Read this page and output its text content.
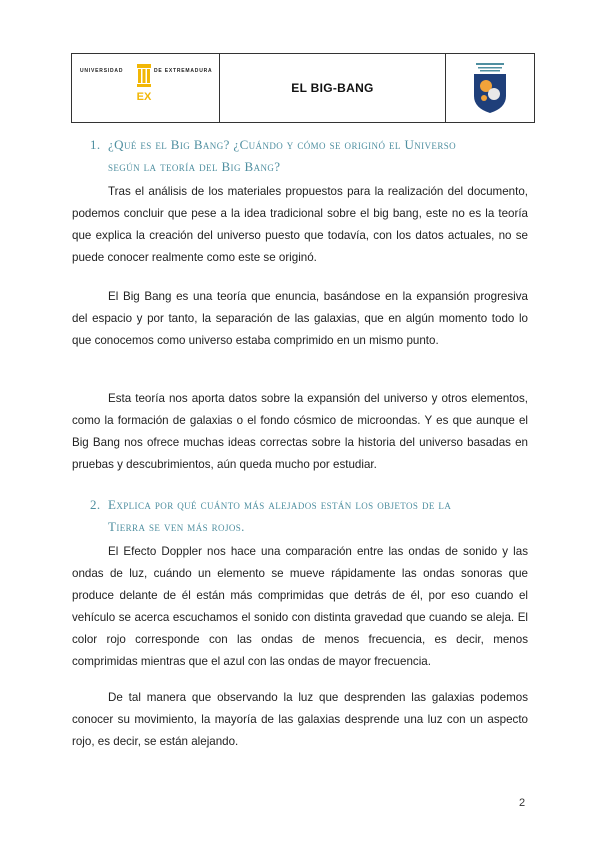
UNIVERSIDAD
EX
DE EXTREMADURA
EL BIG-BANG
1. ¿Qué es el Big Bang? ¿Cuándo y cómo se originó el Universo
según la teoría del Big Bang?

Tras el análisis de los materiales propuestos para la realización del documento, podemos concluir que pese a la idea tradicional sobre el big bang, este no es la teoría que explica la creación del universo puesto que todavía, con los datos actuales, no se puede conocer realmente como este se originó.

El Big Bang es una teoría que enuncia, basándose en la expansión progresiva del espacio y por tanto, la separación de las galaxias, que en algún momento todo lo que conocemos como universo estaba comprimido en un mismo punto.

Esta teoría nos aporta datos sobre la expansión del universo y otros elementos, como la formación de galaxias o el fondo cósmico de microondas. Y es que aunque el Big Bang nos ofrece muchas ideas correctas sobre la historia del universo basadas en pruebas y descubrimientos, aún queda mucho por estudiar.

2. Explica por qué cuánto más alejados están los objetos de la
Tierra se ven más rojos.

El Efecto Doppler nos hace una comparación entre las ondas de sonido y las ondas de luz, cuándo un elemento se mueve rápidamente las ondas sonoras que produce delante de él están más comprimidas que detrás de él, por eso cuando el vehículo se acerca escuchamos el sonido con distinta gravedad que cuando se aleja. El color rojo corresponde con las ondas de menos frecuencia, es decir, menos comprimidas mientras que el azul con las ondas de mayor frecuencia.

De tal manera que observando la luz que desprenden las galaxias podemos conocer su movimiento, la mayoría de las galaxias desprende una luz con un aspecto rojo, es decir, se están alejando.

2
